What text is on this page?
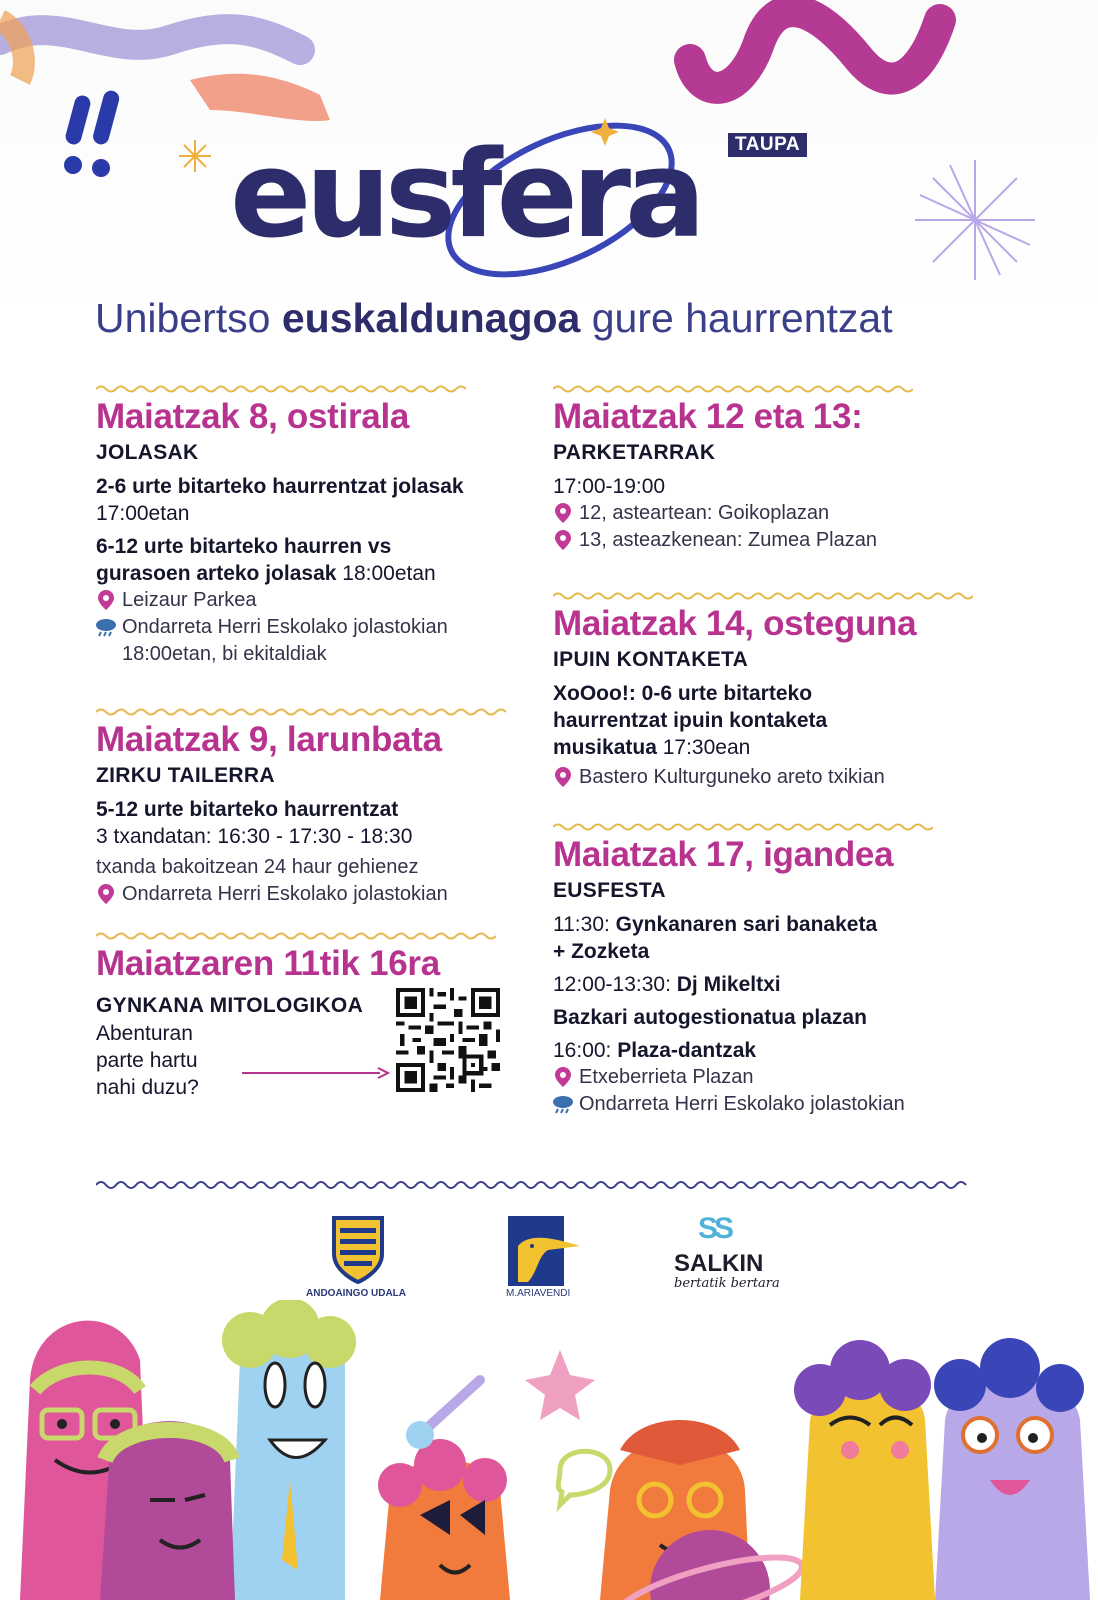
eusfera	TAUPA
Unibertso euskaldunagoa gure haurrentzat
Maiatzak 8, ostirala
JOLASAK
2-6 urte bitarteko haurrentzat jolasak
17:00etan
6-12 urte bitarteko haurren vs
gurasoen arteko jolasak 18:00etan
Leizaur Parkea
Ondarreta Herri Eskolako jolastokian
18:00etan, bi ekitaldiak
Maiatzak 9, larunbata
ZIRKU TAILERRA
5-12 urte bitarteko haurrentzat
3 txandatan: 16:30 - 17:30 - 18:30
txanda bakoitzean 24 haur gehienez
Ondarreta Herri Eskolako jolastokian
Maiatzaren 11tik 16ra
GYNKANA MITOLOGIKOA
Abenturan
parte hartu
nahi duzu?
Maiatzak 12 eta 13:
PARKETARRAK
17:00-19:00
12, asteartean: Goikoplazan
13, asteazkenean: Zumea Plazan
Maiatzak 14, osteguna
IPUIN KONTAKETA
XoOoo!: 0-6 urte bitarteko
haurrentzat ipuin kontaketa
musikatua 17:30ean
Bastero Kulturguneko areto txikian
Maiatzak 17, igandea
EUSFESTA
11:30: Gynkanaren sari banaketa
+ Zozketa
12:00-13:30: Dj Mikeltxi
Bazkari autogestionatua plazan
16:00: Plaza-dantzak
Etxeberrieta Plazan
Ondarreta Herri Eskolako jolastokian
ANDOAINGO UDALA	M.ARIAVENDI
SS
SALKIN
bertatik bertara
